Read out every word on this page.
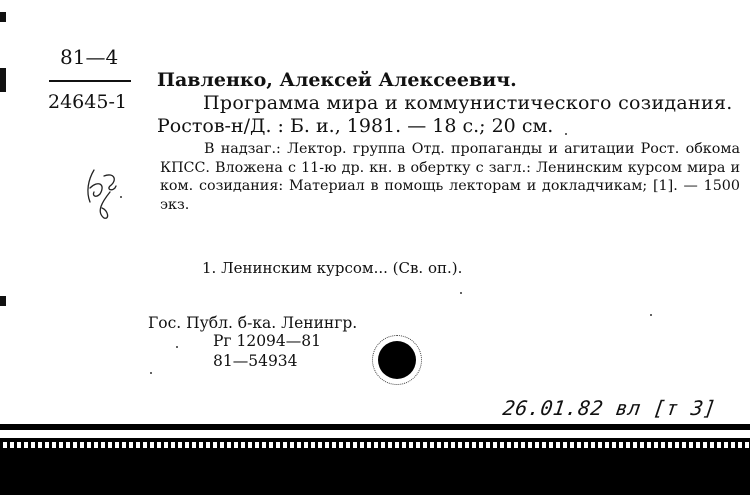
81—4
24645-1
Павленко, Алексей Алексеевич.
Программа мира и коммунистического созидания.
Ростов-н/Д. : Б. и., 1981. — 18 с.; 20 см.
В надзаг.: Лектор. группа Отд. пропаганды и агитации Рост. обкома КПСС. Вложена с 11-ю др. кн. в обертку с загл.: Ленинским курсом мира и ком. созидания: Материал в помощь лекторам и докладчикам; [1]. — 1500 экз.
1. Ленинским курсом... (Св. оп.).
Гос. Публ. б-ка. Ленингр.
Рг 12094—81
81—54934
26.01.82 вл [т 3]
